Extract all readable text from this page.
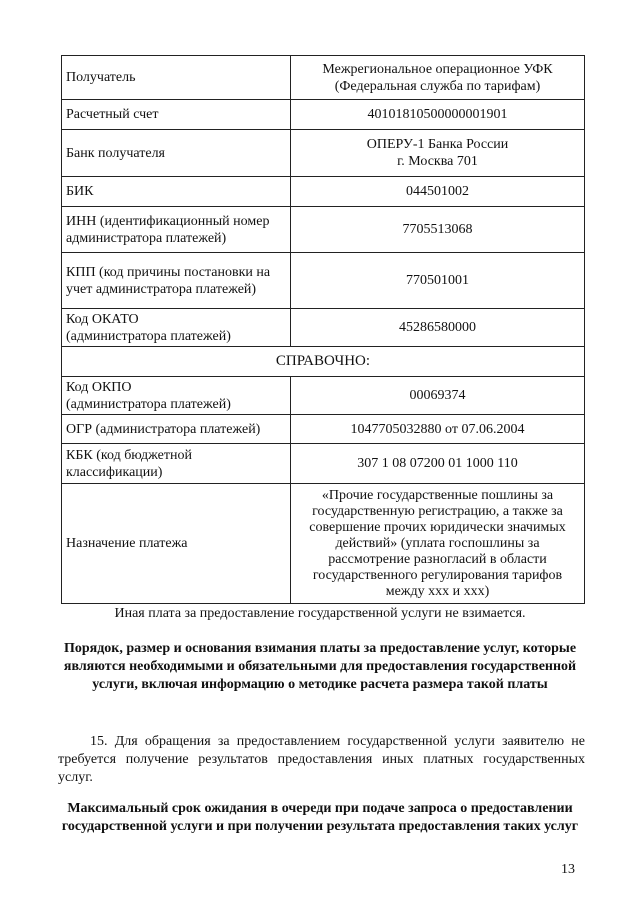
Получатель	Межрегиональное операционное УФК
(Федеральная служба по тарифам)
Расчетный счет	40101810500000001901
Банк получателя	ОПЕРУ-1 Банка России
г. Москва 701
БИК	044501002
ИНН (идентификационный номер администратора платежей)	7705513068
КПП (код причины постановки на учет администратора платежей)	770501001
Код ОКАТО
(администратора платежей)	45286580000
СПРАВОЧНО:	
Код ОКПО
(администратора платежей)	00069374
ОГР (администратора платежей)	1047705032880 от 07.06.2004
КБК (код бюджетной классификации)	307 1 08 07200 01 1000 110
Назначение платежа	«Прочие государственные пошлины за государственную регистрацию, а также за совершение прочих юридически значимых действий» (уплата госпошлины за рассмотрение разногласий в области государственного регулирования тарифов между xxx и xxx)
Иная плата за предоставление государственной услуги не взимается.
Порядок, размер и основания взимания платы за предоставление услуг, которые являются необходимыми и обязательными для предоставления государственной услуги, включая информацию о методике расчета размера такой платы
15. Для обращения за предоставлением государственной услуги заявителю не требуется получение результатов предоставления иных платных государственных услуг.
Максимальный срок ожидания в очереди при подаче запроса о предоставлении государственной услуги и при получении результата предоставления таких услуг
13
